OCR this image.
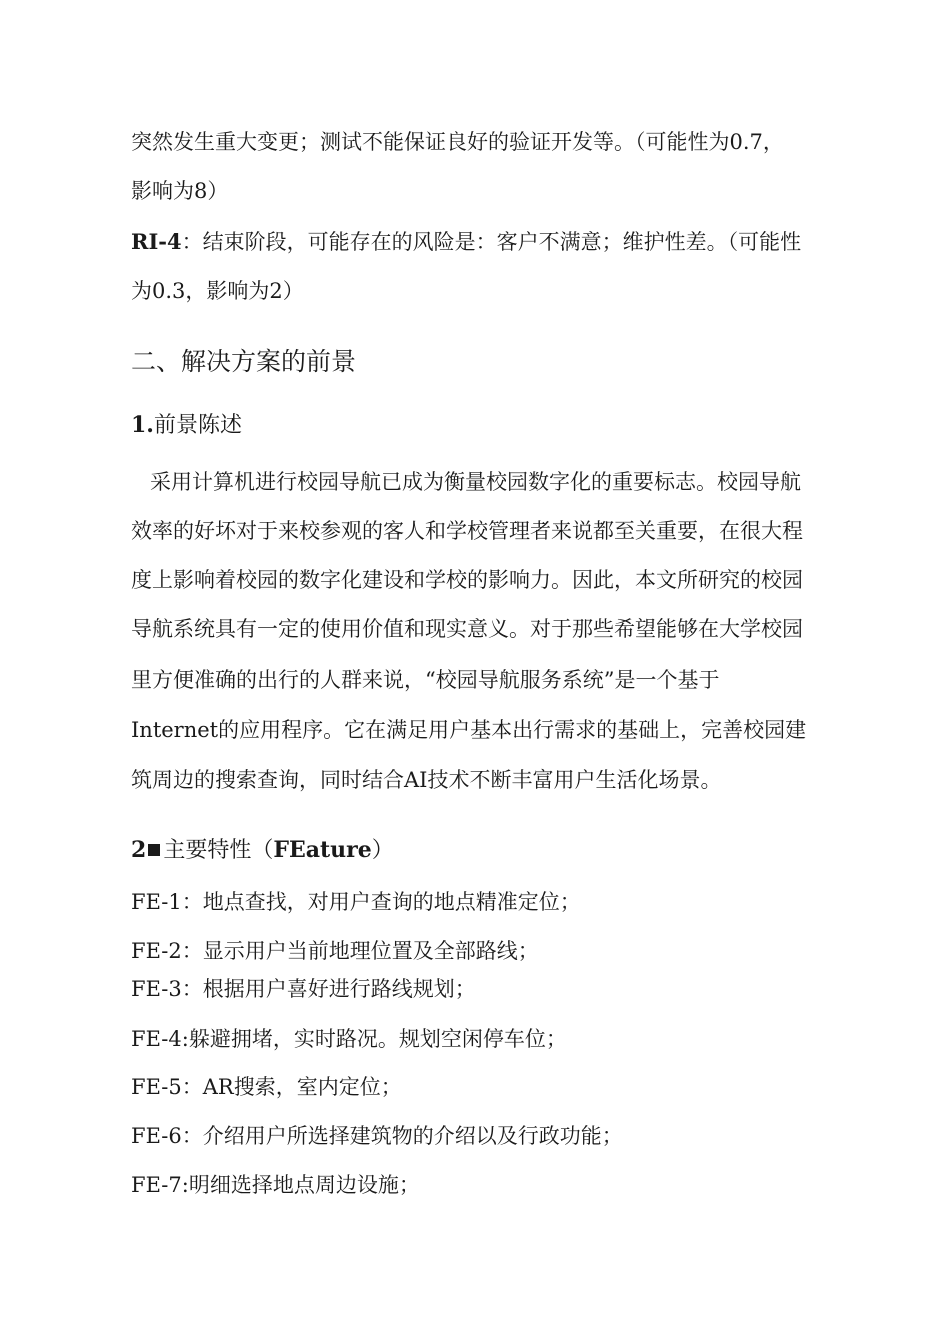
突然发生重大变更；测试不能保证良好的验证开发等。（可能性为0.7，
影响为8）
RI-4：结束阶段，可能存在的风险是：客户不满意；维护性差。（可能性
为0.3，影响为2）
二、解决方案的前景
1.前景陈述
采用计算机进行校园导航已成为衡量校园数字化的重要标志。校园导航
效率的好坏对于来校参观的客人和学校管理者来说都至关重要，在很大程
度上影响着校园的数字化建设和学校的影响力。因此，本文所研究的校园
导航系统具有一定的使用价值和现实意义。对于那些希望能够在大学校园
里方便准确的出行的人群来说，“校园导航服务系统”是一个基于
Internet的应用程序。它在满足用户基本出行需求的基础上，完善校园建
筑周边的搜索查询，同时结合AI技术不断丰富用户生活化场景。
2 主要特性（FEature）
FE-1：地点查找，对用户查询的地点精准定位；
FE-2：显示用户当前地理位置及全部路线；
FE-3：根据用户喜好进行路线规划；
FE-4:躲避拥堵，实时路况。规划空闲停车位；
FE-5：AR搜索，室内定位；
FE-6：介绍用户所选择建筑物的介绍以及行政功能；
FE-7:明细选择地点周边设施；
